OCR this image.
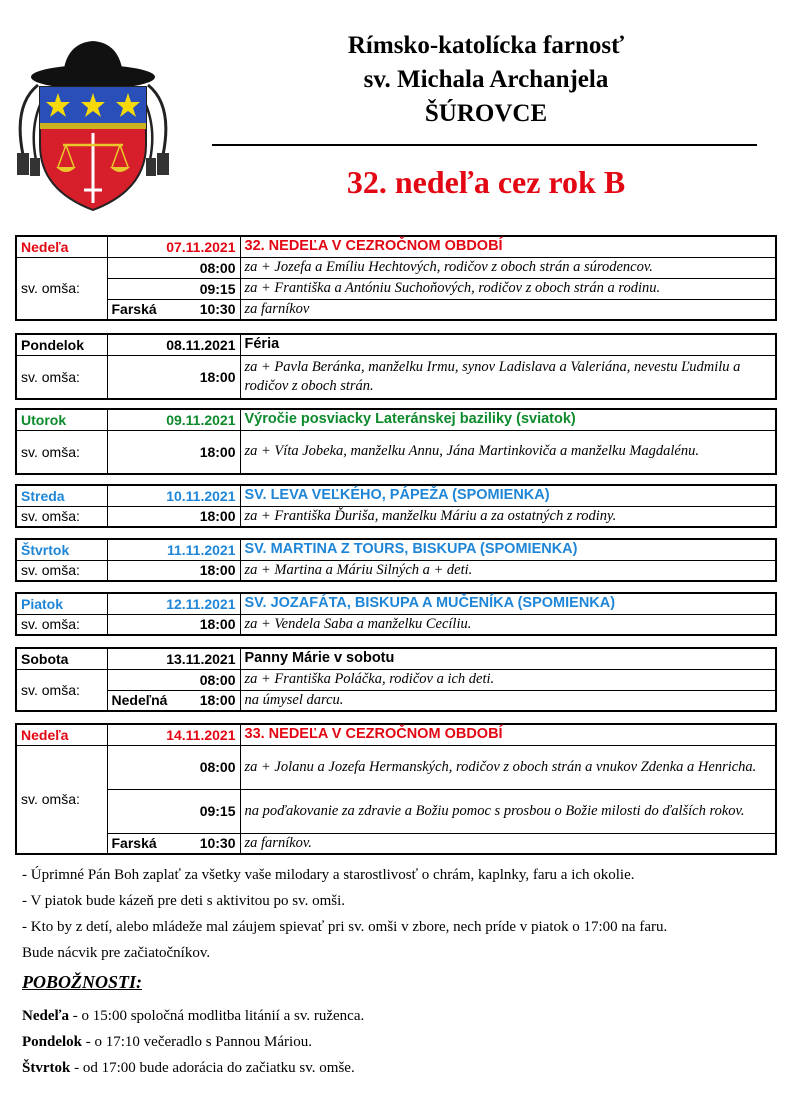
Rímsko-katolícka farnosť
sv. Michala Archanjela
ŠÚROVCE
32. nedeľa cez rok B
Nedeľa	07.11.2021	32. NEDEĽA V CEZROČNOM OBDOBÍ
sv. omša:	08:00	za + Jozefa a Emíliu Hechtových, rodičov z oboch strán a súrodencov.
	09:15	za + Františka a Antóniu Suchoňových, rodičov z oboch strán a rodinu.

	Farská 10:30	za farníkov
Pondelok	08.11.2021	Féria
sv. omša:	18:00	za + Pavla Beránka, manželku Irmu, synov Ladislava a Valeriána, nevestu Ľudmilu a rodičov z oboch strán.
Utorok	09.11.2021	Výročie posviacky Lateránskej baziliky (sviatok)
sv. omša:	18:00	za + Víta Jobeka, manželku Annu, Jána Martinkoviča a manželku Magdalénu.
Streda	10.11.2021	SV. LEVA VEĽKÉHO, PÁPEŽA (SPOMIENKA)
sv. omša:	18:00	za + Františka Ďuriša, manželku Máriu a za ostatných z rodiny.
Štvrtok	11.11.2021	SV. MARTINA Z TOURS, BISKUPA (SPOMIENKA)
sv. omša:	18:00	za + Martina a Máriu Silných a + deti.
Piatok	12.11.2021	SV. JOZAFÁTA, BISKUPA A MUČENÍKA (SPOMIENKA)
sv. omša:	18:00	za + Vendela Saba a manželku Cecíliu.
Sobota	13.11.2021	Panny Márie v sobotu
sv. omša:	08:00	za + Františka Poláčka, rodičov a ich deti.

	Nedeľná 18:00	na úmysel darcu.
Nedeľa	14.11.2021	33. NEDEĽA V CEZROČNOM OBDOBÍ
sv. omša:	08:00	za + Jolanu a Jozefa Hermanských, rodičov z oboch strán a vnukov Zdenka a Henricha.
	09:15	na poďakovanie za zdravie a Božiu pomoc s prosbou o Božie milosti do ďalších rokov.

	Farská 10:30	za farníkov.

- Úprimné Pán Boh zaplať za všetky vaše milodary a starostlivosť o chrám, kaplnky, faru a ich okolie.

- V piatok bude kázeň pre deti s aktivitou po sv. omši.

- Kto by z detí, alebo mládeže mal záujem spievať pri sv. omši v zbore, nech príde v piatok o 17:00 na faru.

Bude nácvik pre začiatočníkov.

POBOŽNOSTI:
Nedeľa - o 15:00 spoločná modlitba litánií a sv. ruženca.
Pondelok - o 17:10 večeradlo s Pannou Máriou.
Štvrtok - od 17:00 bude adorácia do začiatku sv. omše.
